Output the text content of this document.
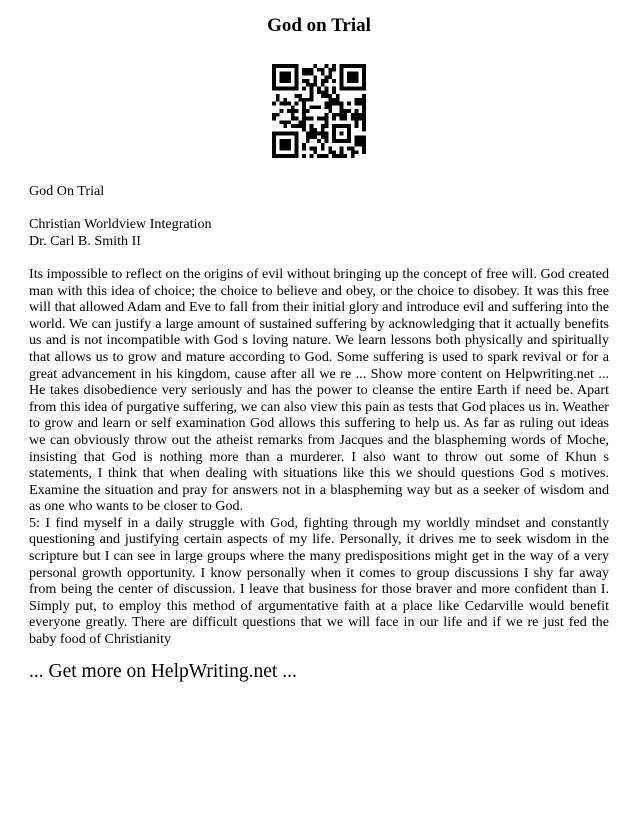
God on Trial

God On Trial

Christian Worldview Integration

Dr. Carl B. Smith II

Its impossible to reflect on the origins of evil without bringing up the concept of free will. God created man with this idea of choice; the choice to believe and obey, or the choice to disobey. It was this free will that allowed Adam and Eve to fall from their initial glory and introduce evil and suffering into the world. We can justify a large amount of sustained suffering by acknowledging that it actually benefits us and is not incompatible with God s loving nature. We learn lessons both physically and spiritually that allows us to grow and mature according to God. Some suffering is used to spark revival or for a great advancement in his kingdom, cause after all we re ... Show more content on Helpwriting.net ... He takes disobedience very seriously and has the power to cleanse the entire Earth if need be. Apart from this idea of purgative suffering, we can also view this pain as tests that God places us in. Weather to grow and learn or self examination God allows this suffering to help us. As far as ruling out ideas we can obviously throw out the atheist remarks from Jacques and the blaspheming words of Moche, insisting that God is nothing more than a murderer. I also want to throw out some of Khun s statements, I think that when dealing with situations like this we should questions God s motives. Examine the situation and pray for answers not in a blaspheming way but as a seeker of wisdom and as one who wants to be closer to God.

5: I find myself in a daily struggle with God, fighting through my worldly mindset and constantly questioning and justifying certain aspects of my life. Personally, it drives me to seek wisdom in the scripture but I can see in large groups where the many predispositions might get in the way of a very personal growth opportunity. I know personally when it comes to group discussions I shy far away from being the center of discussion. I leave that business for those braver and more confident than I. Simply put, to employ this method of argumentative faith at a place like Cedarville would benefit everyone greatly. There are difficult questions that we will face in our life and if we re just fed the baby food of Christianity

... Get more on HelpWriting.net ...
